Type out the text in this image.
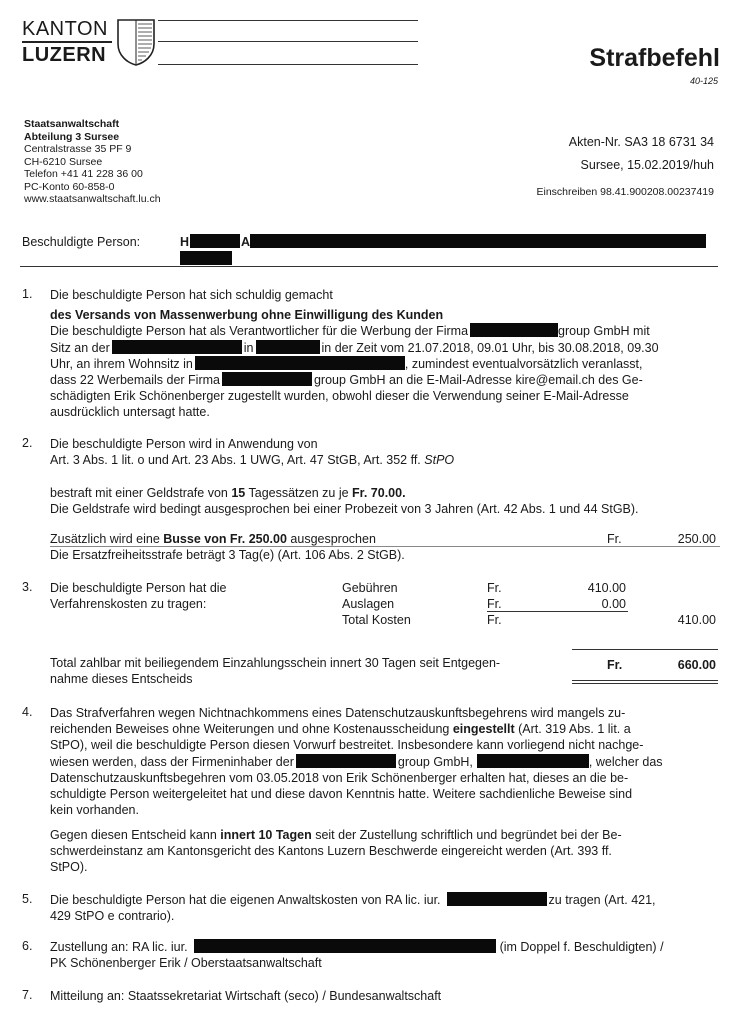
KANTON
LUZERN	Strafbefehl
40-125
Staatsanwaltschaft
Abteilung 3 Sursee
Centralstrasse 35 PF 9
CH-6210 Sursee
Telefon +41 41 228 36 00
PC-Konto 60-858-0
www.staatsanwaltschaft.lu.ch
Akten-Nr. SA3 18 6731 34
Sursee, 15.02.2019/huh
Einschreiben 98.41.900208.00237419
Beschuldigte Person:	H	A
1. Die beschuldigte Person hat sich schuldig gemacht
des Versands von Massenwerbung ohne Einwilligung des Kunden
Die beschuldigte Person hat als Verantwortlicher für die Werbung der Firma	group GmbH mit
Sitz an der	in	in der Zeit vom 21.07.2018, 09.01 Uhr, bis 30.08.2018, 09.30
Uhr, an ihrem Wohnsitz in	, zumindest eventualvorsätzlich veranlasst,
dass 22 Werbemails der Firma	group GmbH an die E-Mail-Adresse kire@email.ch des Ge-
schädigten Erik Schönenberger zugestellt wurden, obwohl dieser die Verwendung seiner E-Mail-Adresse
ausdrücklich untersagt hatte.
2. Die beschuldigte Person wird in Anwendung von
Art. 3 Abs. 1 lit. o und Art. 23 Abs. 1 UWG, Art. 47 StGB, Art. 352 ff. StPO
bestraft mit einer Geldstrafe von 15 Tagessätzen zu je Fr. 70.00.
Die Geldstrafe wird bedingt ausgesprochen bei einer Probezeit von 3 Jahren (Art. 42 Abs. 1 und 44 StGB).
Zusätzlich wird eine Busse von Fr. 250.00 ausgesprochen	Fr.	250.00
Die Ersatzfreiheitsstrafe beträgt 3 Tag(e) (Art. 106 Abs. 2 StGB).
3. Die beschuldigte Person hat die
Verfahrenskosten zu tragen:
Gebühren	Fr.	410.00
Auslagen	Fr.	0.00
Total Kosten	Fr.	410.00
Total zahlbar mit beiliegendem Einzahlungsschein innert 30 Tagen seit Entgegen-
nahme dieses Entscheids
Fr.	660.00
4. Das Strafverfahren wegen Nichtnachkommens eines Datenschutzauskunftsbegehrens wird mangels zu-
reichenden Beweises ohne Weiterungen und ohne Kostenausscheidung eingestellt (Art. 319 Abs. 1 lit. a
StPO), weil die beschuldigte Person diesen Vorwurf bestreitet. Insbesondere kann vorliegend nicht nachge-
wiesen werden, dass der Firmeninhaber der	group GmbH,	, welcher das
Datenschutzauskunftsbegehren vom 03.05.2018 von Erik Schönenberger erhalten hat, dieses an die be-
schuldigte Person weitergeleitet hat und diese davon Kenntnis hatte. Weitere sachdienliche Beweise sind
kein vorhanden.
Gegen diesen Entscheid kann innert 10 Tagen seit der Zustellung schriftlich und begründet bei der Be-
schwerdeinstanz am Kantonsgericht des Kantons Luzern Beschwerde eingereicht werden (Art. 393 ff.
StPO).
5. Die beschuldigte Person hat die eigenen Anwaltskosten von RA lic. iur.	zu tragen (Art. 421,
429 StPO e contrario).
6. Zustellung an: RA lic. iur.	(im Doppel f. Beschuldigten) /
PK Schönenberger Erik / Oberstaatsanwaltschaft
7. Mitteilung an: Staatssekretariat Wirtschaft (seco) / Bundesanwaltschaft
